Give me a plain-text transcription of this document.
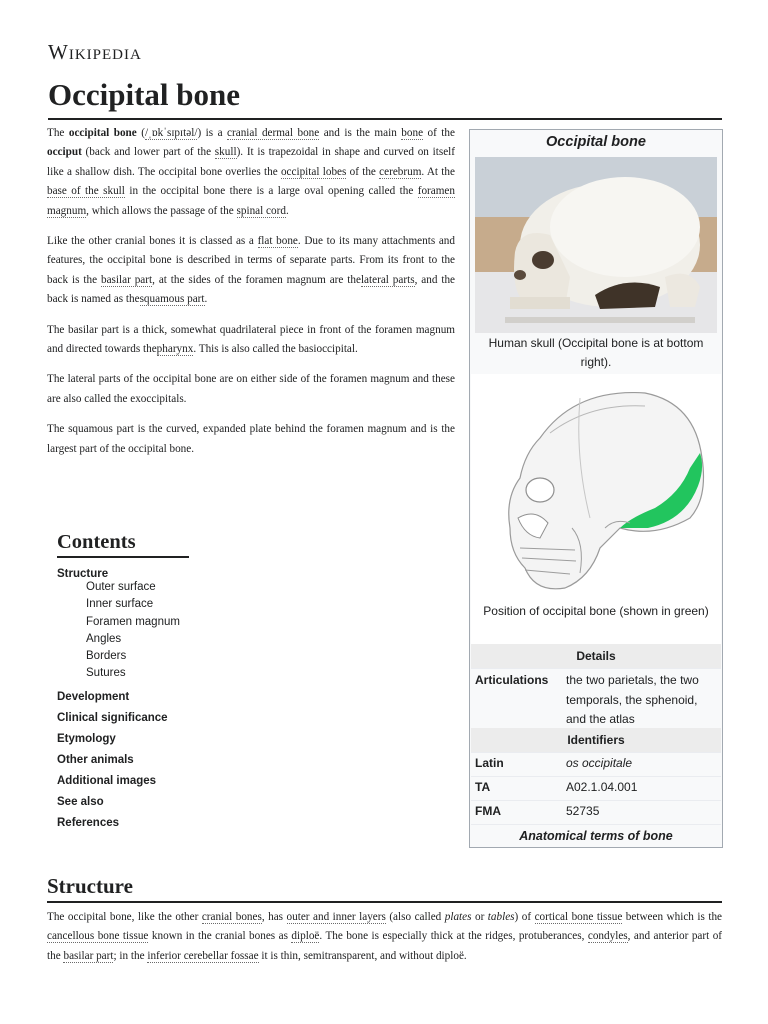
Wikipedia
Occipital bone

The occipital bone (/ˌɒkˈsɪpɪtəl/) is a cranial dermal bone and is the main bone of the occiput (back and lower part of the skull). It is trapezoidal in shape and curved on itself like a shallow dish. The occipital bone overlies the occipital lobes of the cerebrum. At the base of the skull in the occipital bone there is a large oval opening called the foramen magnum, which allows the passage of the spinal cord.

Like the other cranial bones it is classed as a flat bone. Due to its many attachments and features, the occipital bone is described in terms of separate parts. From its front to the back is the basilar part, at the sides of the foramen magnum are thelateral parts, and the back is named as thesquamous part.

The basilar part is a thick, somewhat quadrilateral piece in front of the foramen magnum and directed towards thepharynx. This is also called the basioccipital.

The lateral parts of the occipital bone are on either side of the foramen magnum and these are also called the exoccipitals.

The squamous part is the curved, expanded plate behind the foramen magnum and is the largest part of the occipital bone.

Occipital bone
Human skull (Occipital bone is at bottom right).
Position of occipital bone (shown in green)
Details
Articulations the two parietals, the two temporals, the sphenoid, and the atlas
Identifiers
Latin	os occipitale
TA	A02.1.04.001
FMA	52735
Anatomical terms of bone
Contents
Structure
Outer surface
Inner surface
Foramen magnum
Angles
Borders
Sutures
Development
Clinical significance
Etymology
Other animals
Additional images
See also
References
Structure

The occipital bone, like the other cranial bones, has outer and inner layers (also called plates or tables) of cortical bone tissue between which is the cancellous bone tissue known in the cranial bones as diploë. The bone is especially thick at the ridges, protuberances, condyles, and anterior part of the basilar part; in the inferior cerebellar fossae it is thin, semitransparent, and without diploë.
